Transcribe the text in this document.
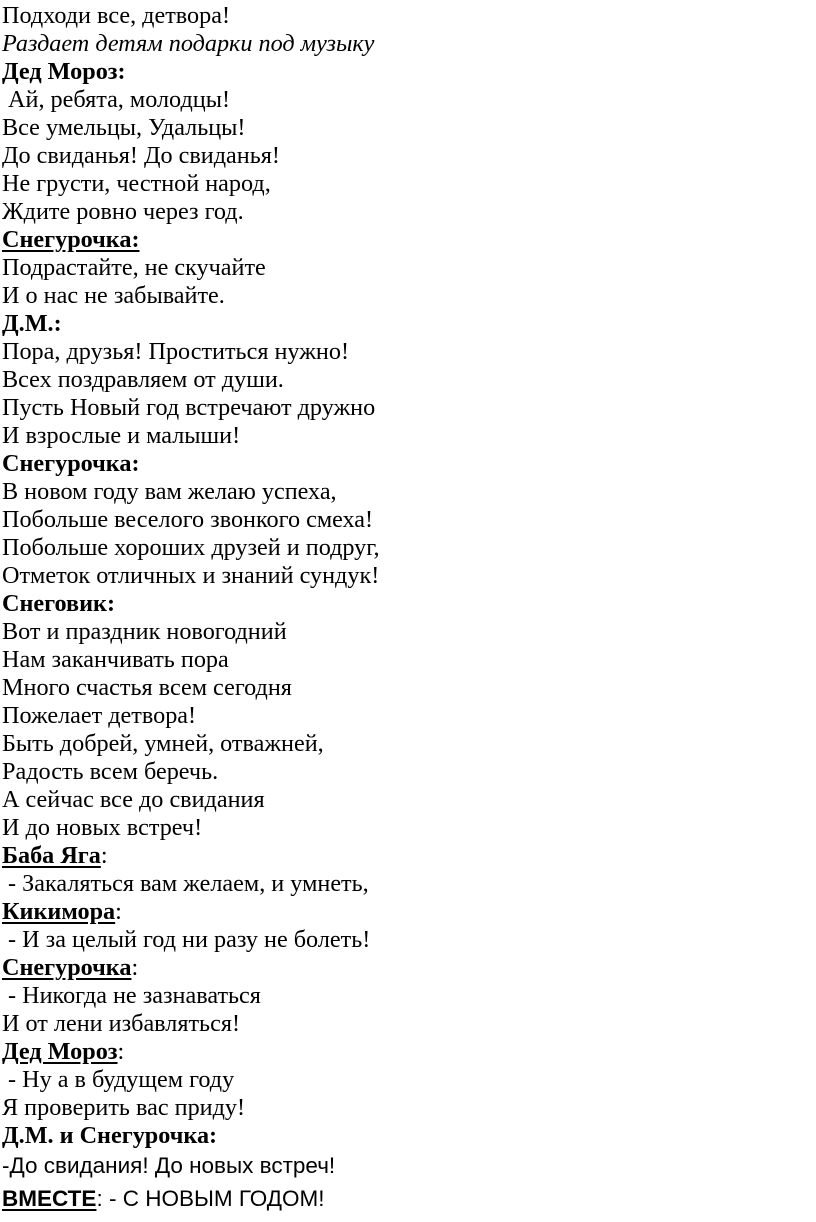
Подходи все, детвора!
Раздает детям подарки под музыку
Дед Мороз:
Ай, ребята, молодцы!
Все умельцы, Удальцы!
До свиданья! До свиданья!
Не грусти, честной народ,
Ждите ровно через год.
Снегурочка:
Подрастайте, не скучайте
И о нас не забывайте.
Д.М.:
Пора, друзья! Проститься нужно!
Всех поздравляем от души.
Пусть Новый год встречают дружно
И взрослые и малыши!
Снегурочка:
В новом году вам желаю успеха,
Побольше веселого звонкого смеха!
Побольше хороших друзей и подруг,
Отметок отличных и знаний сундук!
Снеговик:
Вот и праздник новогодний
Нам заканчивать пора
Много счастья всем сегодня
Пожелает детвора!
Быть добрей, умней, отважней,
Радость всем беречь.
А сейчас все до свидания
И до новых встреч!
Баба Яга:
- Закаляться вам желаем, и умнеть,
Кикимора:
- И за целый год ни разу не болеть!
Снегурочка:
- Никогда не зазнаваться
И от лени избавляться!
Дед Мороз:
- Ну а в будущем году
Я проверить вас приду!
Д.М. и Снегурочка:
-До свидания! До новых встреч!
ВМЕСТЕ: - С НОВЫМ ГОДОМ!
